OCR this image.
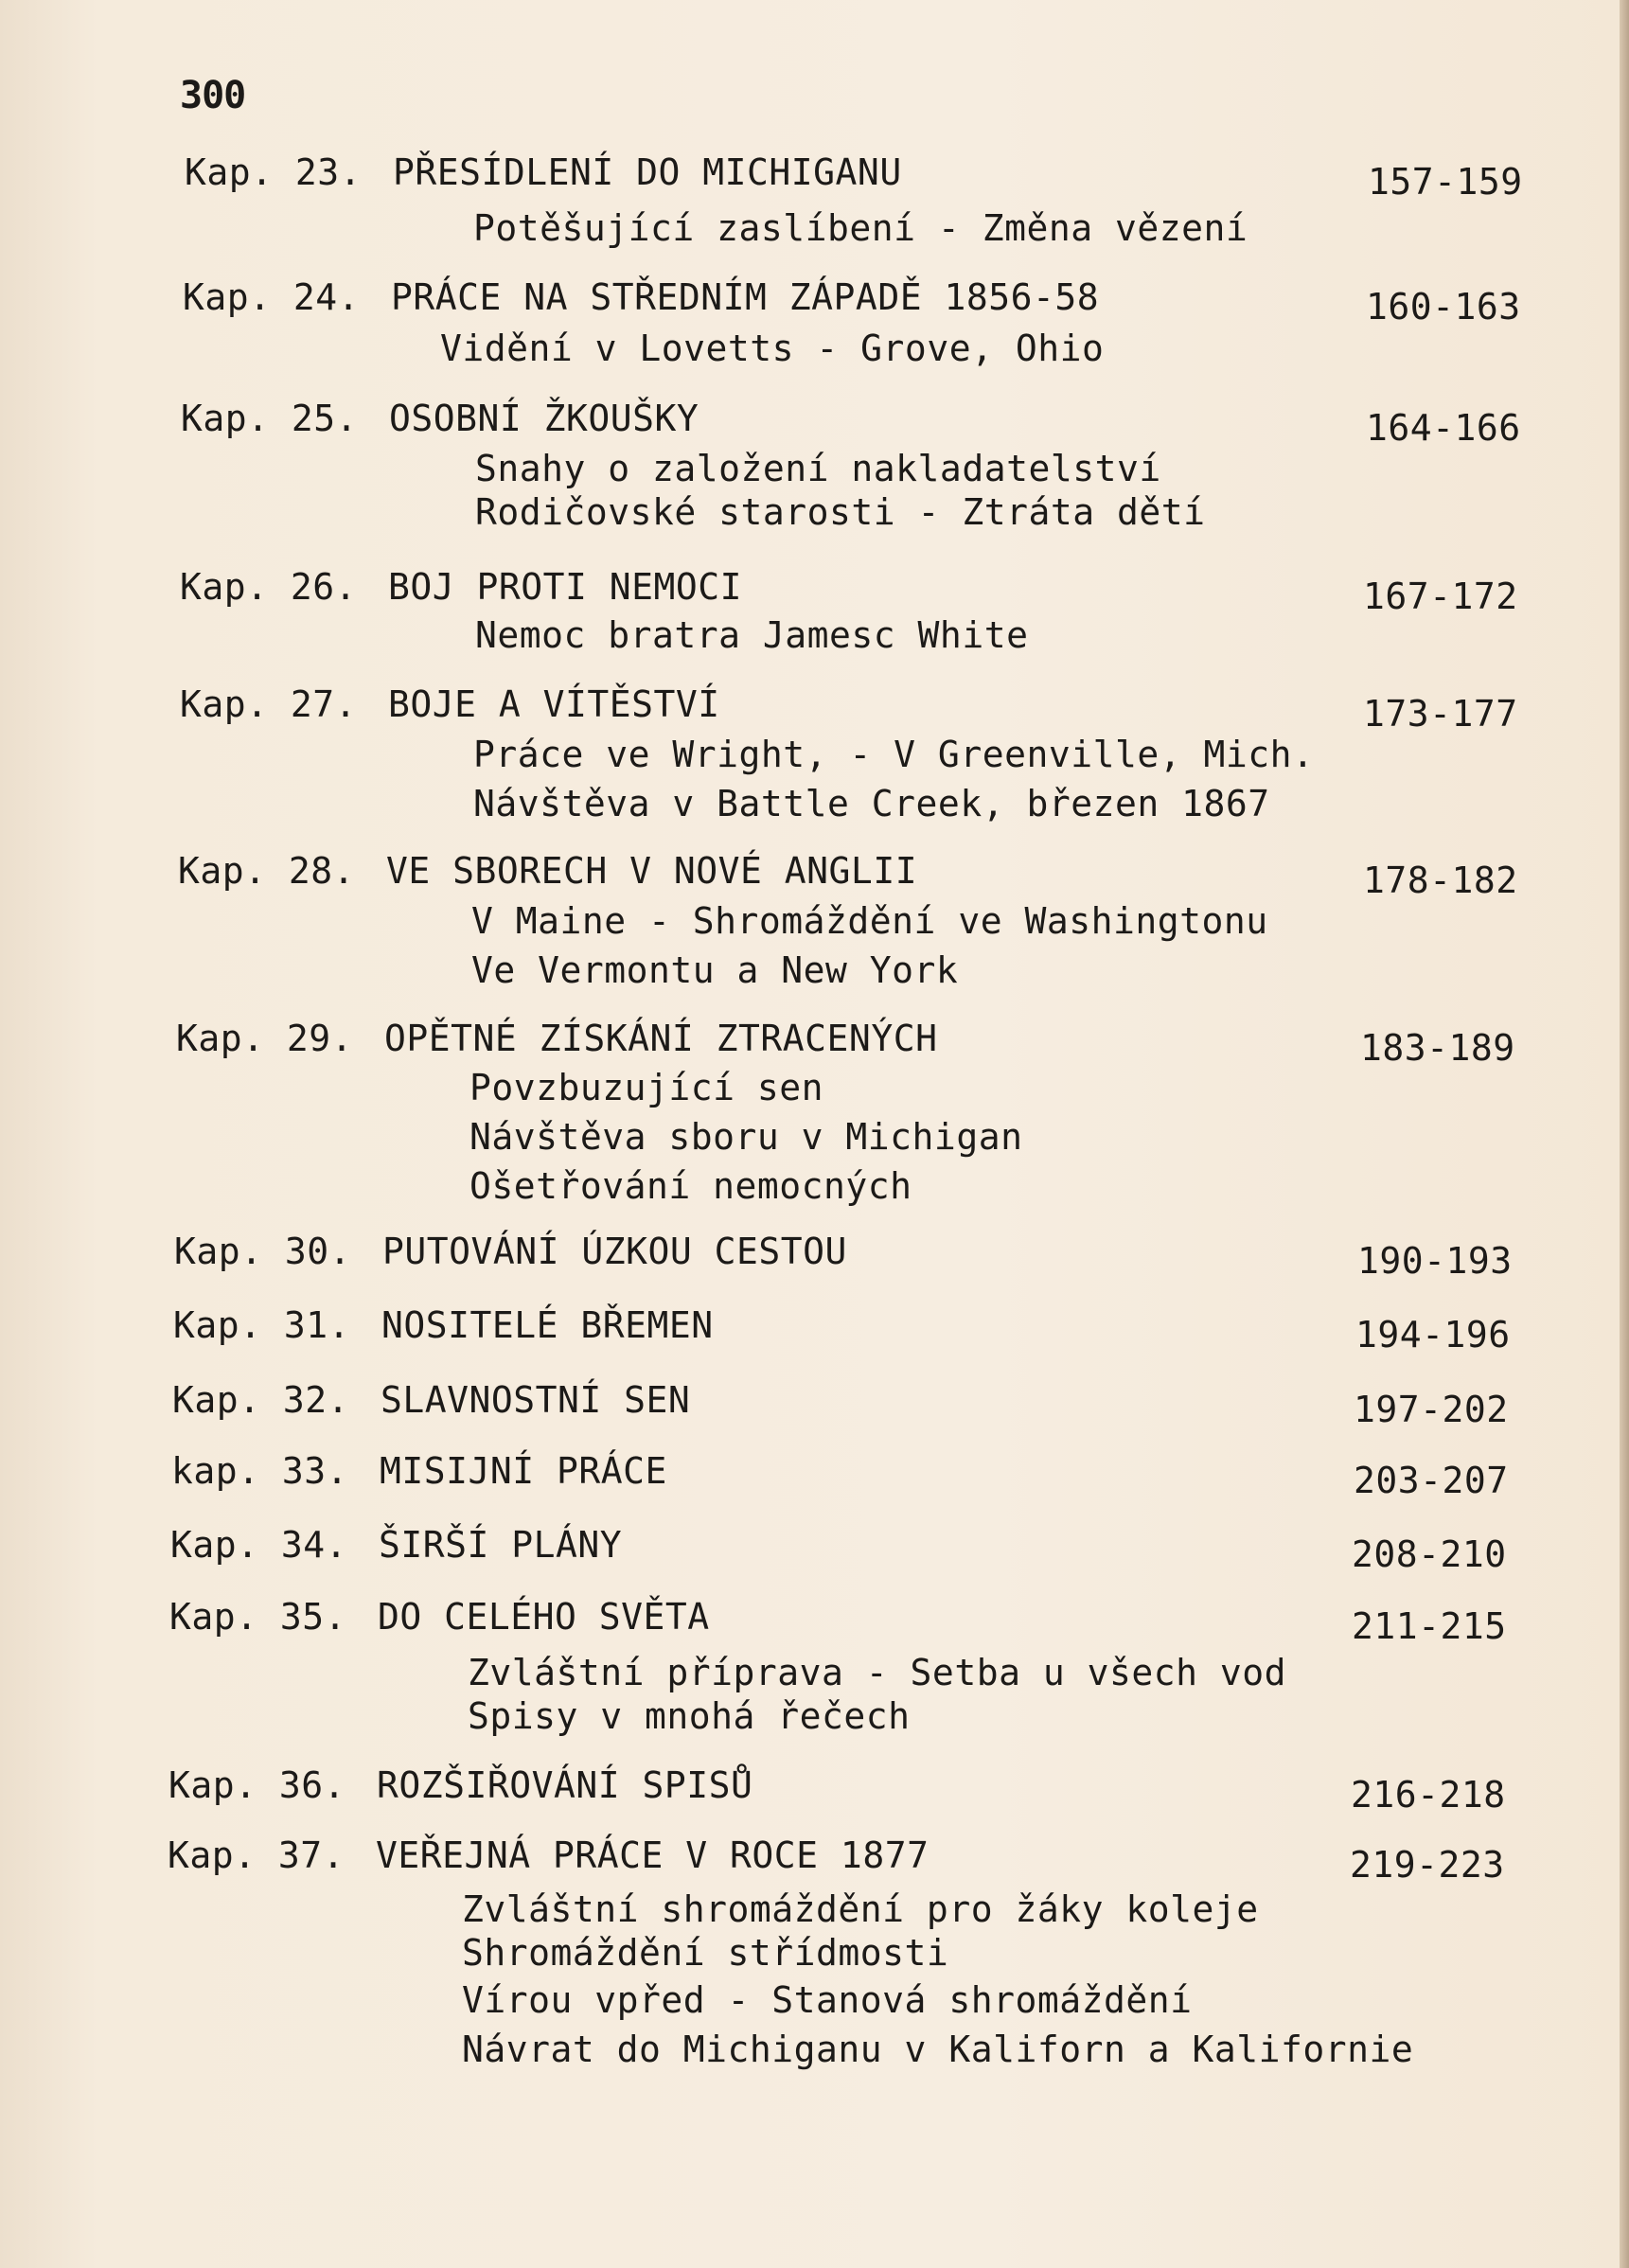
300
Kap. 23. PŘESÍDLENÍ DO MICHIGANU	157-159
Potěšující zaslíbení - Změna vězení
Kap. 24. PRÁCE NA STŘEDNÍM ZÁPADĚ 1856-58	160-163
Vidění v Lovetts - Grove, Ohio
Kap. 25. OSOBNÍ ŽKOUŠKY	164-166
Snahy o založení nakladatelství
Rodičovské starosti - Ztráta dětí
Kap. 26. BOJ PROTI NEMOCI	167-172
Nemoc bratra Jamesc White
Kap. 27. BOJE A VÍTĚSTVÍ	173-177
Práce ve Wright, - V Greenville, Mich.
Návštěva v Battle Creek, březen 1867
Kap. 28. VE SBORECH V NOVÉ ANGLII	178-182
V Maine - Shromáždění ve Washingtonu
Ve Vermontu a New York
Kap. 29. OPĚTNÉ ZÍSKÁNÍ ZTRACENÝCH	183-189
Povzbuzující sen
Návštěva sboru v Michigan
Ošetřování nemocných
Kap. 30. PUTOVÁNÍ ÚZKOU CESTOU	190-193
Kap. 31. NOSITELÉ BŘEMEN	194-196
Kap. 32. SLAVNOSTNÍ SEN	197-202
kap. 33. MISIJNÍ PRÁCE	203-207
Kap. 34. ŠIRŠÍ PLÁNY	208-210
Kap. 35. DO CELÉHO SVĚTA	211-215
Zvláštní příprava - Setba u všech vod
Spisy v mnohá řečech
Kap. 36. ROZŠIŘOVÁNÍ SPISŮ	216-218
Kap. 37. VEŘEJNÁ PRÁCE V ROCE 1877	219-223
Zvláštní shromáždění pro žáky koleje
Shromáždění střídmosti
Vírou vpřed - Stanová shromáždění
Návrat do Michiganu v Kaliforn a Kalifornie
